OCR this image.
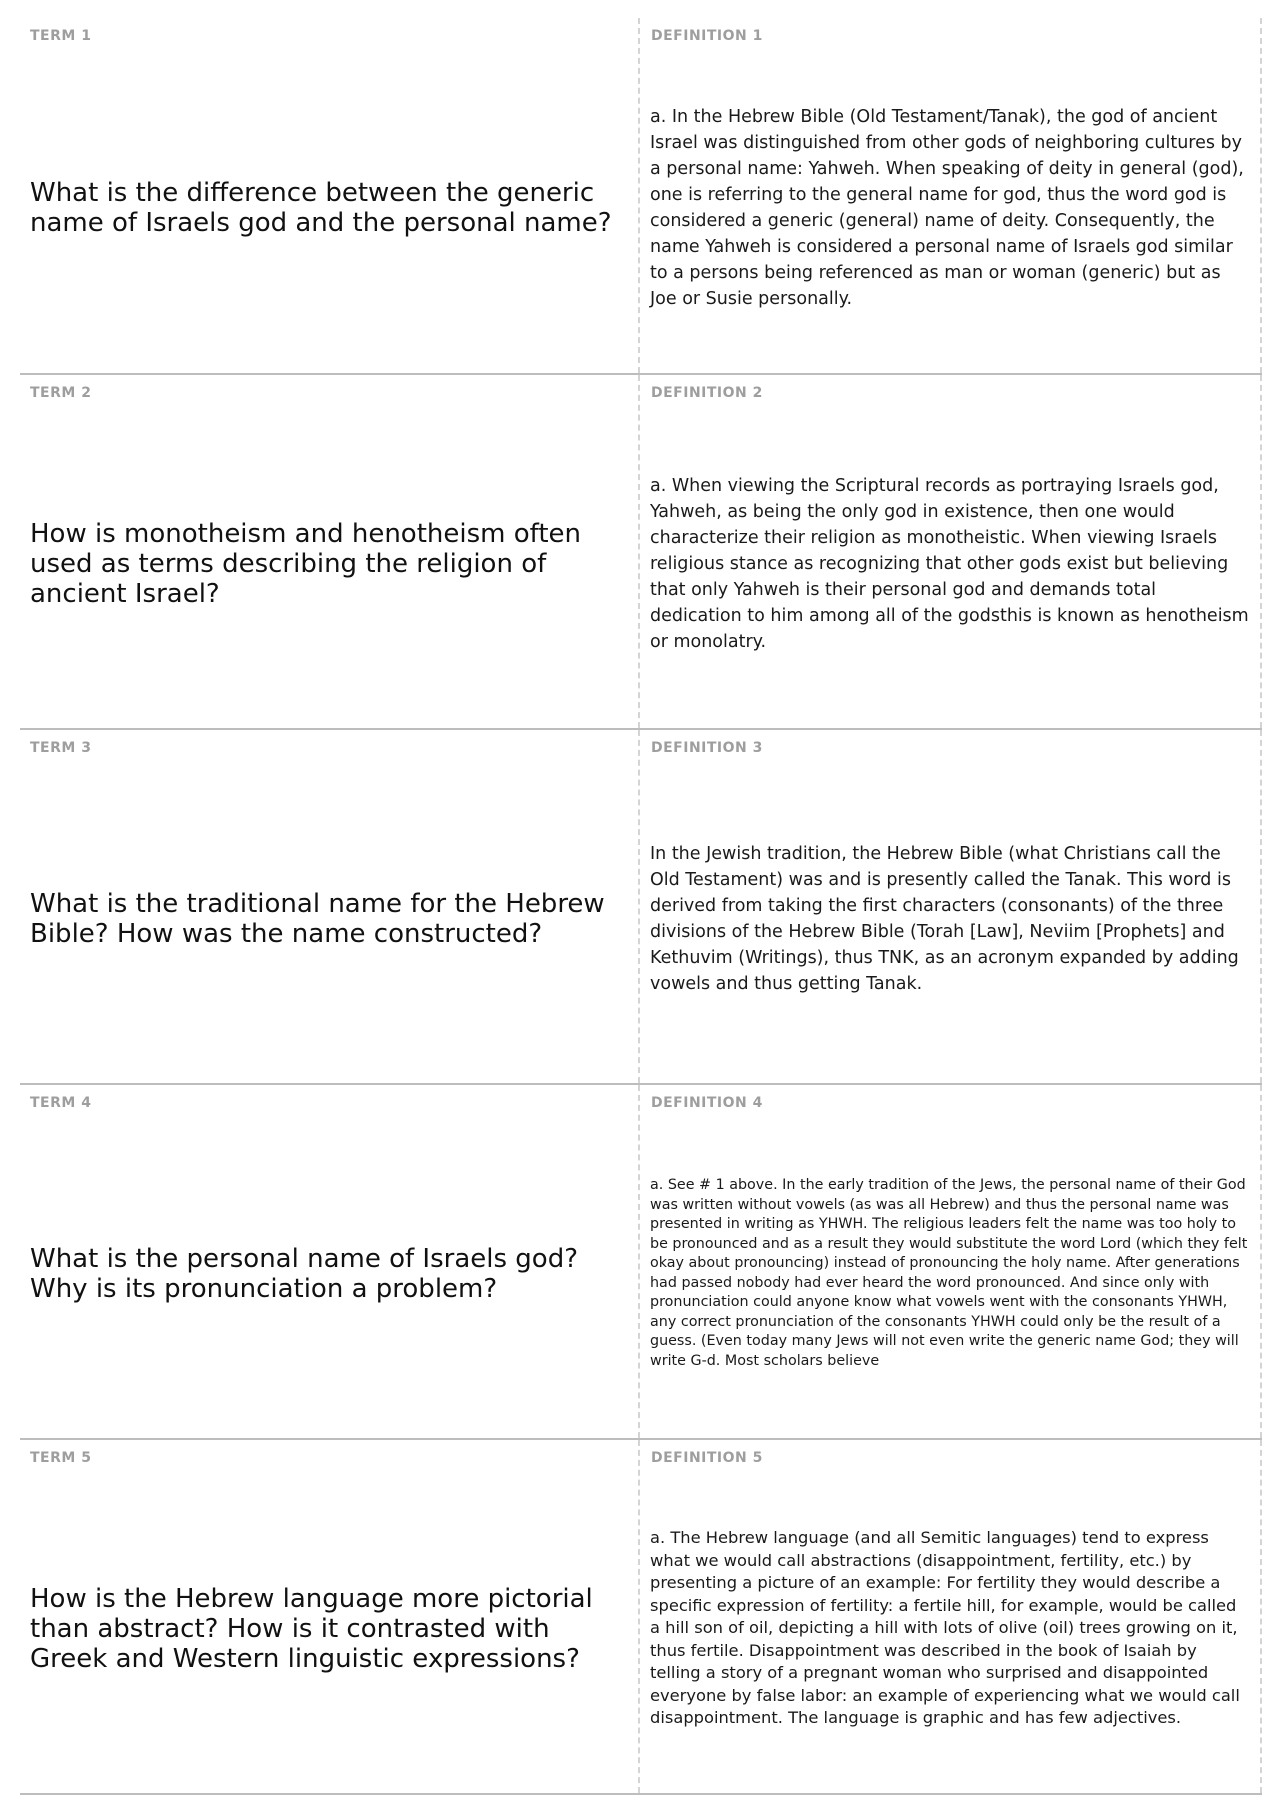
TERM 1
What is the difference between the generic name of Israels god and the personal name?
DEFINITION 1
a. In the Hebrew Bible (Old Testament/Tanak), the god of ancient Israel was distinguished from other gods of neighboring cultures by a personal name: Yahweh. When speaking of deity in general (god), one is referring to the general name for god, thus the word god is considered a generic (general) name of deity. Consequently, the name Yahweh is considered a personal name of Israels god similar to a persons being referenced as man or woman (generic) but as Joe or Susie personally.
TERM 2
How is monotheism and henotheism often used as terms describing the religion of ancient Israel?
DEFINITION 2
a. When viewing the Scriptural records as portraying Israels god, Yahweh, as being the only god in existence, then one would characterize their religion as monotheistic. When viewing Israels religious stance as recognizing that other gods exist but believing that only Yahweh is their personal god and demands total dedication to him among all of the godsthis is known as henotheism or monolatry.
TERM 3
What is the traditional name for the Hebrew Bible? How was the name constructed?
DEFINITION 3
In the Jewish tradition, the Hebrew Bible (what Christians call the Old Testament) was and is presently called the Tanak. This word is derived from taking the first characters (consonants) of the three divisions of the Hebrew Bible (Torah [Law], Neviim [Prophets] and Kethuvim (Writings), thus TNK, as an acronym expanded by adding vowels and thus getting Tanak.
TERM 4
What is the personal name of Israels god? Why is its pronunciation a problem?
DEFINITION 4
a. See # 1 above. In the early tradition of the Jews, the personal name of their God was written without vowels (as was all Hebrew) and thus the personal name was presented in writing as YHWH. The religious leaders felt the name was too holy to be pronounced and as a result they would substitute the word Lord (which they felt okay about pronouncing) instead of pronouncing the holy name. After generations had passed nobody had ever heard the word pronounced. And since only with pronunciation could anyone know what vowels went with the consonants YHWH, any correct pronunciation of the consonants YHWH could only be the result of a guess. (Even today many Jews will not even write the generic name God; they will write G-d. Most scholars believe
TERM 5
How is the Hebrew language more pictorial than abstract? How is it contrasted with Greek and Western linguistic expressions?
DEFINITION 5
a. The Hebrew language (and all Semitic languages) tend to express what we would call abstractions (disappointment, fertility, etc.) by presenting a picture of an example: For fertility they would describe a specific expression of fertility: a fertile hill, for example, would be called a hill son of oil, depicting a hill with lots of olive (oil) trees growing on it, thus fertile. Disappointment was described in the book of Isaiah by telling a story of a pregnant woman who surprised and disappointed everyone by false labor: an example of experiencing what we would call disappointment. The language is graphic and has few adjectives.
